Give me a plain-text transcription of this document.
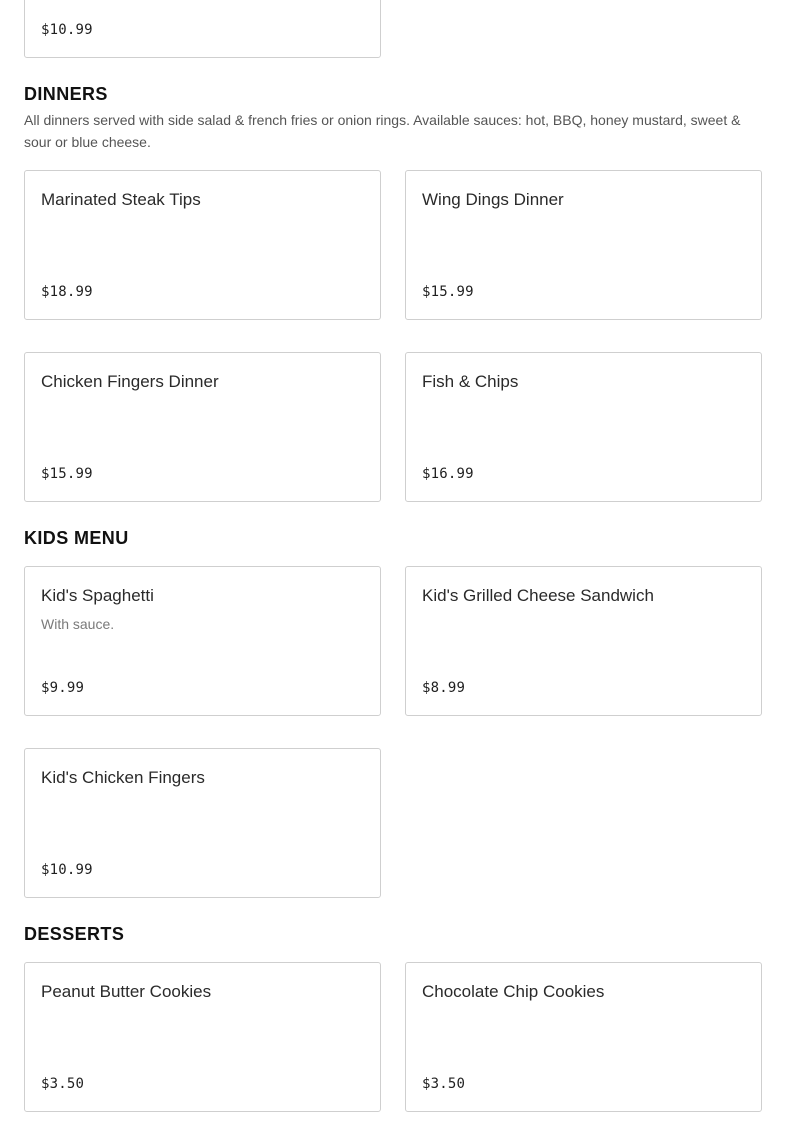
$10.99
DINNERS
All dinners served with side salad & french fries or onion rings. Available sauces: hot, BBQ, honey mustard, sweet & sour or blue cheese.
Marinated Steak Tips
$18.99
Wing Dings Dinner
$15.99
Chicken Fingers Dinner
$15.99
Fish & Chips
$16.99
KIDS MENU
Kid's Spaghetti
With sauce.
$9.99
Kid's Grilled Cheese Sandwich
$8.99
Kid's Chicken Fingers
$10.99
DESSERTS
Peanut Butter Cookies
$3.50
Chocolate Chip Cookies
$3.50
